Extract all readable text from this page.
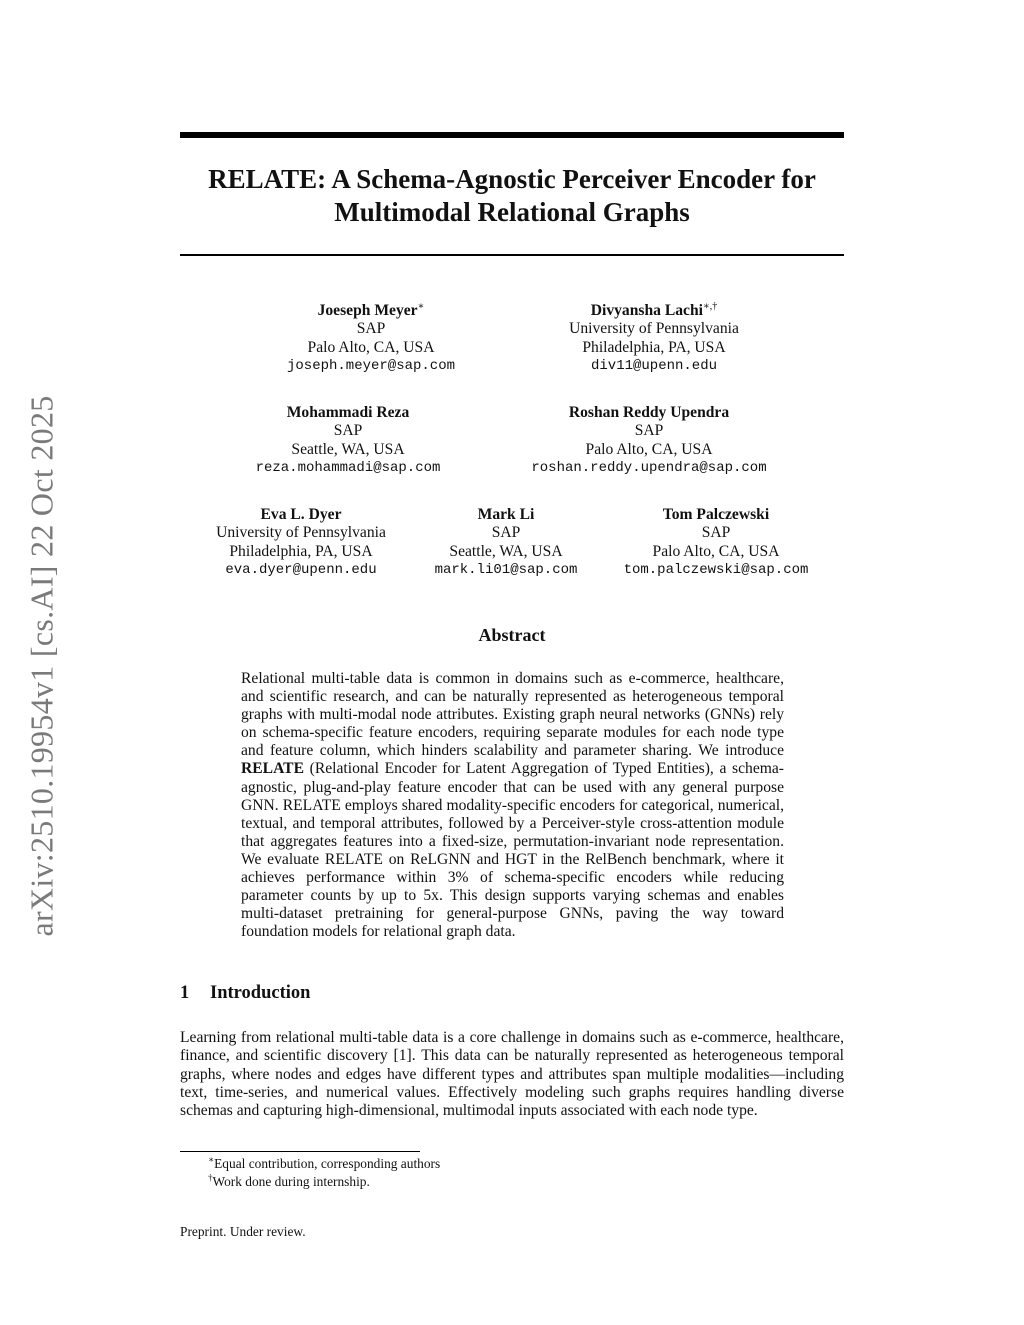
arXiv:2510.19954v1 [cs.AI] 22 Oct 2025
RELATE: A Schema-Agnostic Perceiver Encoder for
Multimodal Relational Graphs
Joeseph Meyer∗
SAP
Palo Alto, CA, USA
joseph.meyer@sap.com
Divyansha Lachi∗,†
University of Pennsylvania
Philadelphia, PA, USA
div11@upenn.edu
Mohammadi Reza
SAP
Seattle, WA, USA
reza.mohammadi@sap.com
Roshan Reddy Upendra
SAP
Palo Alto, CA, USA
roshan.reddy.upendra@sap.com
Eva L. Dyer
University of Pennsylvania
Philadelphia, PA, USA
eva.dyer@upenn.edu
Mark Li
SAP
Seattle, WA, USA
mark.li01@sap.com
Tom Palczewski
SAP
Palo Alto, CA, USA
tom.palczewski@sap.com
Abstract
Relational multi-table data is common in domains such as e-commerce, healthcare, and scientific research, and can be naturally represented as heterogeneous temporal graphs with multi-modal node attributes. Existing graph neural networks (GNNs) rely on schema-specific feature encoders, requiring separate modules for each node type and feature column, which hinders scalability and parameter sharing. We introduce RELATE (Relational Encoder for Latent Aggregation of Typed Entities), a schema-agnostic, plug-and-play feature encoder that can be used with any general purpose GNN. RELATE employs shared modality-specific encoders for categorical, numerical, textual, and temporal attributes, followed by a Perceiver-style cross-attention module that aggregates features into a fixed-size, permutation-invariant node representation. We evaluate RELATE on ReLGNN and HGT in the RelBench benchmark, where it achieves performance within 3% of schema-specific encoders while reducing parameter counts by up to 5x. This design supports varying schemas and enables multi-dataset pretraining for general-purpose GNNs, paving the way toward foundation models for relational graph data.
1 Introduction
Learning from relational multi-table data is a core challenge in domains such as e-commerce, healthcare, finance, and scientific discovery [1]. This data can be naturally represented as heterogeneous temporal graphs, where nodes and edges have different types and attributes span multiple modalities—including text, time-series, and numerical values. Effectively modeling such graphs requires handling diverse schemas and capturing high-dimensional, multimodal inputs associated with each node type.
∗Equal contribution, corresponding authors
†Work done during internship.
Preprint. Under review.
